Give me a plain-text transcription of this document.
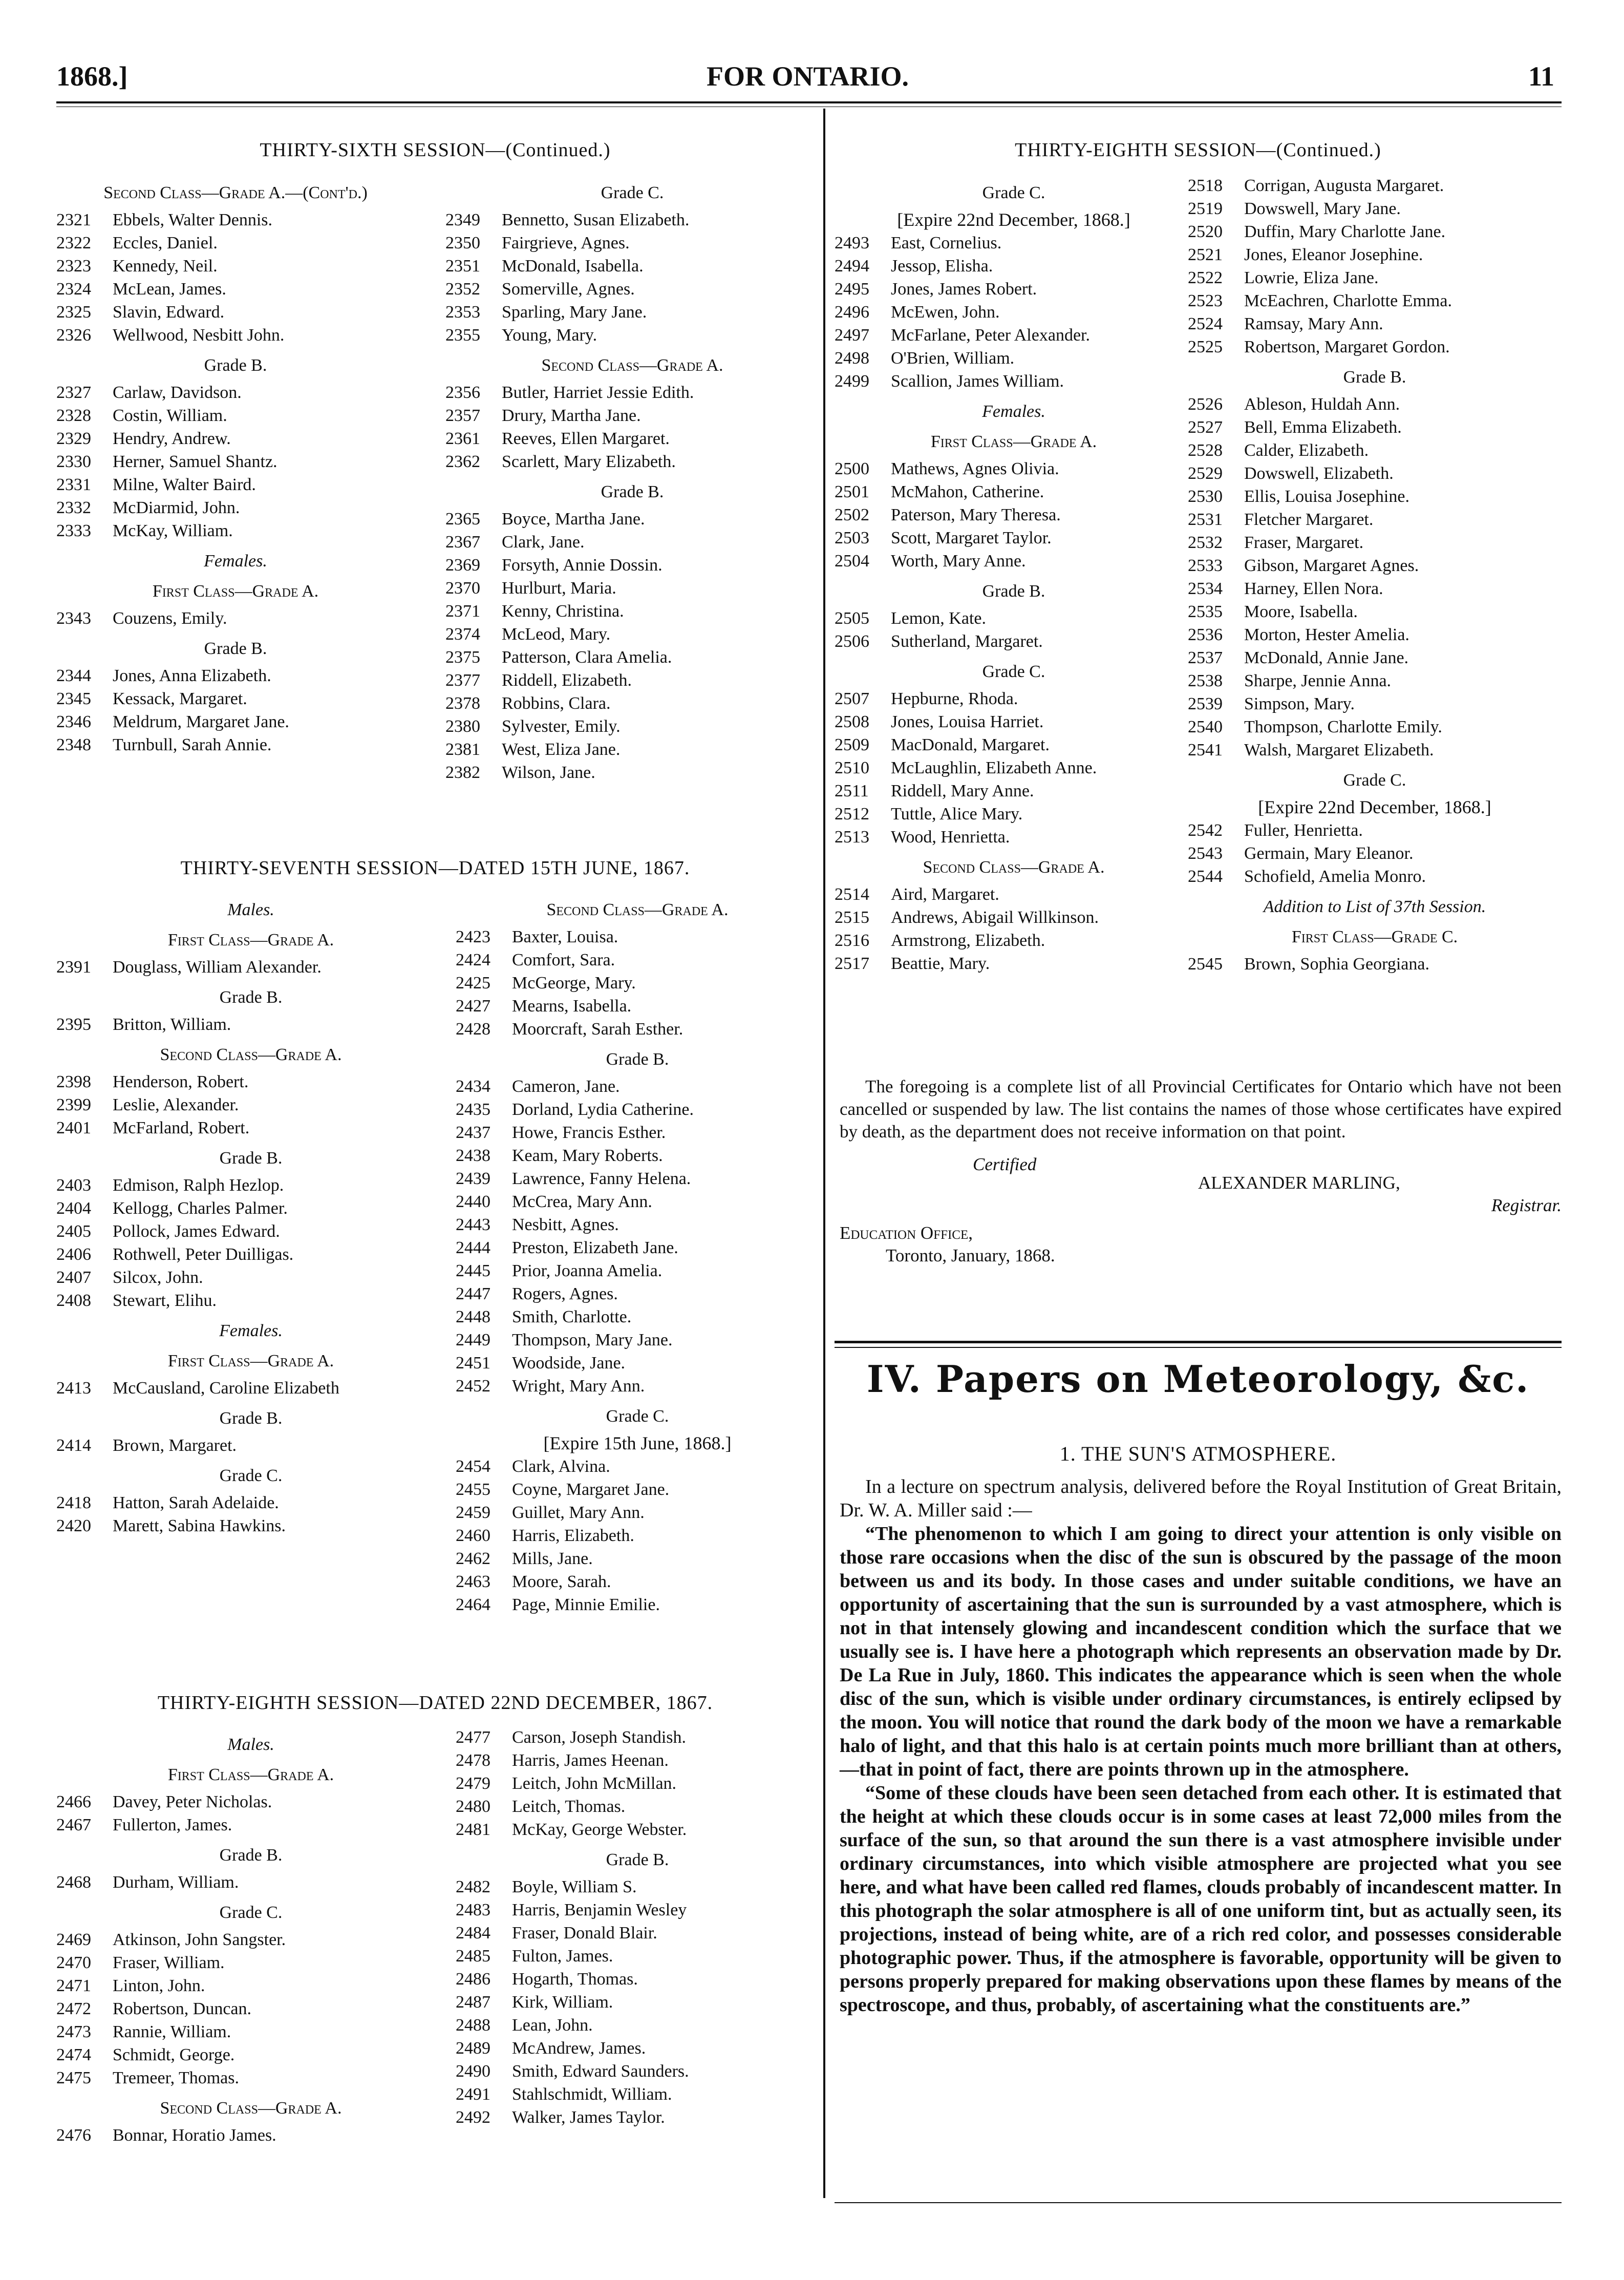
1868.]	FOR ONTARIO.	11
THIRTY-SIXTH SESSION—(Continued.)
Second Class—Grade A.—(Cont'd.)
2321	Ebbels, Walter Dennis.
2322	Eccles, Daniel.
2323	Kennedy, Neil.
2324	McLean, James.
2325	Slavin, Edward.
2326	Wellwood, Nesbitt John.
Grade B.
2327	Carlaw, Davidson.
2328	Costin, William.
2329	Hendry, Andrew.
2330	Herner, Samuel Shantz.
2331	Milne, Walter Baird.
2332	McDiarmid, John.
2333	McKay, William.
Females.
First Class—Grade A.
2343	Couzens, Emily.
Grade B.
2344	Jones, Anna Elizabeth.
2345	Kessack, Margaret.
2346	Meldrum, Margaret Jane.
2348	Turnbull, Sarah Annie.
Grade C.
2349	Bennetto, Susan Elizabeth.
2350	Fairgrieve, Agnes.
2351	McDonald, Isabella.
2352	Somerville, Agnes.
2353	Sparling, Mary Jane.
2355	Young, Mary.
Second Class—Grade A.
2356	Butler, Harriet Jessie Edith.
2357	Drury, Martha Jane.
2361	Reeves, Ellen Margaret.
2362	Scarlett, Mary Elizabeth.
Grade B.
2365	Boyce, Martha Jane.
2367	Clark, Jane.
2369	Forsyth, Annie Dossin.
2370	Hurlburt, Maria.
2371	Kenny, Christina.
2374	McLeod, Mary.
2375	Patterson, Clara Amelia.
2377	Riddell, Elizabeth.
2378	Robbins, Clara.
2380	Sylvester, Emily.
2381	West, Eliza Jane.
2382	Wilson, Jane.
THIRTY-SEVENTH SESSION—DATED 15TH JUNE, 1867.
Males.
First Class—Grade A.
2391	Douglass, William Alexander.
Grade B.
2395	Britton, William.
Second Class—Grade A.
2398	Henderson, Robert.
2399	Leslie, Alexander.
2401	McFarland, Robert.
Grade B.
2403	Edmison, Ralph Hezlop.
2404	Kellogg, Charles Palmer.
2405	Pollock, James Edward.
2406	Rothwell, Peter Duilligas.
2407	Silcox, John.
2408	Stewart, Elihu.
Females.
First Class—Grade A.
2413	McCausland, Caroline Elizabeth
Grade B.
2414	Brown, Margaret.
Grade C.
2418	Hatton, Sarah Adelaide.
2420	Marett, Sabina Hawkins.
Second Class—Grade A.
2423	Baxter, Louisa.
2424	Comfort, Sara.
2425	McGeorge, Mary.
2427	Mearns, Isabella.
2428	Moorcraft, Sarah Esther.
Grade B.
2434	Cameron, Jane.
2435	Dorland, Lydia Catherine.
2437	Howe, Francis Esther.
2438	Keam, Mary Roberts.
2439	Lawrence, Fanny Helena.
2440	McCrea, Mary Ann.
2443	Nesbitt, Agnes.
2444	Preston, Elizabeth Jane.
2445	Prior, Joanna Amelia.
2447	Rogers, Agnes.
2448	Smith, Charlotte.
2449	Thompson, Mary Jane.
2451	Woodside, Jane.
2452	Wright, Mary Ann.
Grade C.
[Expire 15th June, 1868.]
2454	Clark, Alvina.
2455	Coyne, Margaret Jane.
2459	Guillet, Mary Ann.
2460	Harris, Elizabeth.
2462	Mills, Jane.
2463	Moore, Sarah.
2464	Page, Minnie Emilie.
THIRTY-EIGHTH SESSION—DATED 22ND DECEMBER, 1867.
Males.
First Class—Grade A.
2466	Davey, Peter Nicholas.
2467	Fullerton, James.
Grade B.
2468	Durham, William.
Grade C.
2469	Atkinson, John Sangster.
2470	Fraser, William.
2471	Linton, John.
2472	Robertson, Duncan.
2473	Rannie, William.
2474	Schmidt, George.
2475	Tremeer, Thomas.
Second Class—Grade A.
2476	Bonnar, Horatio James.
2477	Carson, Joseph Standish.
2478	Harris, James Heenan.
2479	Leitch, John McMillan.
2480	Leitch, Thomas.
2481	McKay, George Webster.
Grade B.
2482	Boyle, William S.
2483	Harris, Benjamin Wesley
2484	Fraser, Donald Blair.
2485	Fulton, James.
2486	Hogarth, Thomas.
2487	Kirk, William.
2488	Lean, John.
2489	McAndrew, James.
2490	Smith, Edward Saunders.
2491	Stahlschmidt, William.
2492	Walker, James Taylor.
THIRTY-EIGHTH SESSION—(Continued.)
Grade C.
[Expire 22nd December, 1868.]
2493	East, Cornelius.
2494	Jessop, Elisha.
2495	Jones, James Robert.
2496	McEwen, John.
2497	McFarlane, Peter Alexander.
2498	O'Brien, William.
2499	Scallion, James William.
Females.
First Class—Grade A.
2500	Mathews, Agnes Olivia.
2501	McMahon, Catherine.
2502	Paterson, Mary Theresa.
2503	Scott, Margaret Taylor.
2504	Worth, Mary Anne.
Grade B.
2505	Lemon, Kate.
2506	Sutherland, Margaret.
Grade C.
2507	Hepburne, Rhoda.
2508	Jones, Louisa Harriet.
2509	MacDonald, Margaret.
2510	McLaughlin, Elizabeth Anne.
2511	Riddell, Mary Anne.
2512	Tuttle, Alice Mary.
2513	Wood, Henrietta.
Second Class—Grade A.
2514	Aird, Margaret.
2515	Andrews, Abigail Willkinson.
2516	Armstrong, Elizabeth.
2517	Beattie, Mary.
2518	Corrigan, Augusta Margaret.
2519	Dowswell, Mary Jane.
2520	Duffin, Mary Charlotte Jane.
2521	Jones, Eleanor Josephine.
2522	Lowrie, Eliza Jane.
2523	McEachren, Charlotte Emma.
2524	Ramsay, Mary Ann.
2525	Robertson, Margaret Gordon.
Grade B.
2526	Ableson, Huldah Ann.
2527	Bell, Emma Elizabeth.
2528	Calder, Elizabeth.
2529	Dowswell, Elizabeth.
2530	Ellis, Louisa Josephine.
2531	Fletcher Margaret.
2532	Fraser, Margaret.
2533	Gibson, Margaret Agnes.
2534	Harney, Ellen Nora.
2535	Moore, Isabella.
2536	Morton, Hester Amelia.
2537	McDonald, Annie Jane.
2538	Sharpe, Jennie Anna.
2539	Simpson, Mary.
2540	Thompson, Charlotte Emily.
2541	Walsh, Margaret Elizabeth.
Grade C.
[Expire 22nd December, 1868.]
2542	Fuller, Henrietta.
2543	Germain, Mary Eleanor.
2544	Schofield, Amelia Monro.
Addition to List of 37th Session.
First Class—Grade C.
2545	Brown, Sophia Georgiana.

The foregoing is a complete list of all Provincial Certificates for Ontario which have not been cancelled or suspended by law. The list contains the names of those whose certificates have expired by death, as the department does not receive information on that point.

Certified
ALEXANDER MARLING,
Registrar.
Education Office,
Toronto, January, 1868.
IV. Papers on Meteorology, &c.
1. THE SUN'S ATMOSPHERE.

In a lecture on spectrum analysis, delivered before the Royal Institution of Great Britain, Dr. W. A. Miller said :—

“The phenomenon to which I am going to direct your attention is only visible on those rare occasions when the disc of the sun is obscured by the passage of the moon between us and its body. In those cases and under suitable conditions, we have an opportunity of ascertaining that the sun is surrounded by a vast atmosphere, which is not in that intensely glowing and incandescent condition which the surface that we usually see is. I have here a photograph which represents an observation made by Dr. De La Rue in July, 1860. This indicates the appearance which is seen when the whole disc of the sun, which is visible under ordinary circumstances, is entirely eclipsed by the moon. You will notice that round the dark body of the moon we have a remarkable halo of light, and that this halo is at certain points much more brilliant than at others,—that in point of fact, there are points thrown up in the atmosphere.

“Some of these clouds have been seen detached from each other. It is estimated that the height at which these clouds occur is in some cases at least 72,000 miles from the surface of the sun, so that around the sun there is a vast atmosphere invisible under ordinary circumstances, into which visible atmosphere are projected what you see here, and what have been called red flames, clouds probably of incandescent matter. In this photograph the solar atmosphere is all of one uniform tint, but as actually seen, its projections, instead of being white, are of a rich red color, and possesses considerable photographic power. Thus, if the atmosphere is favorable, opportunity will be given to persons properly prepared for making observations upon these flames by means of the spectroscope, and thus, probably, of ascertaining what the constituents are.”
